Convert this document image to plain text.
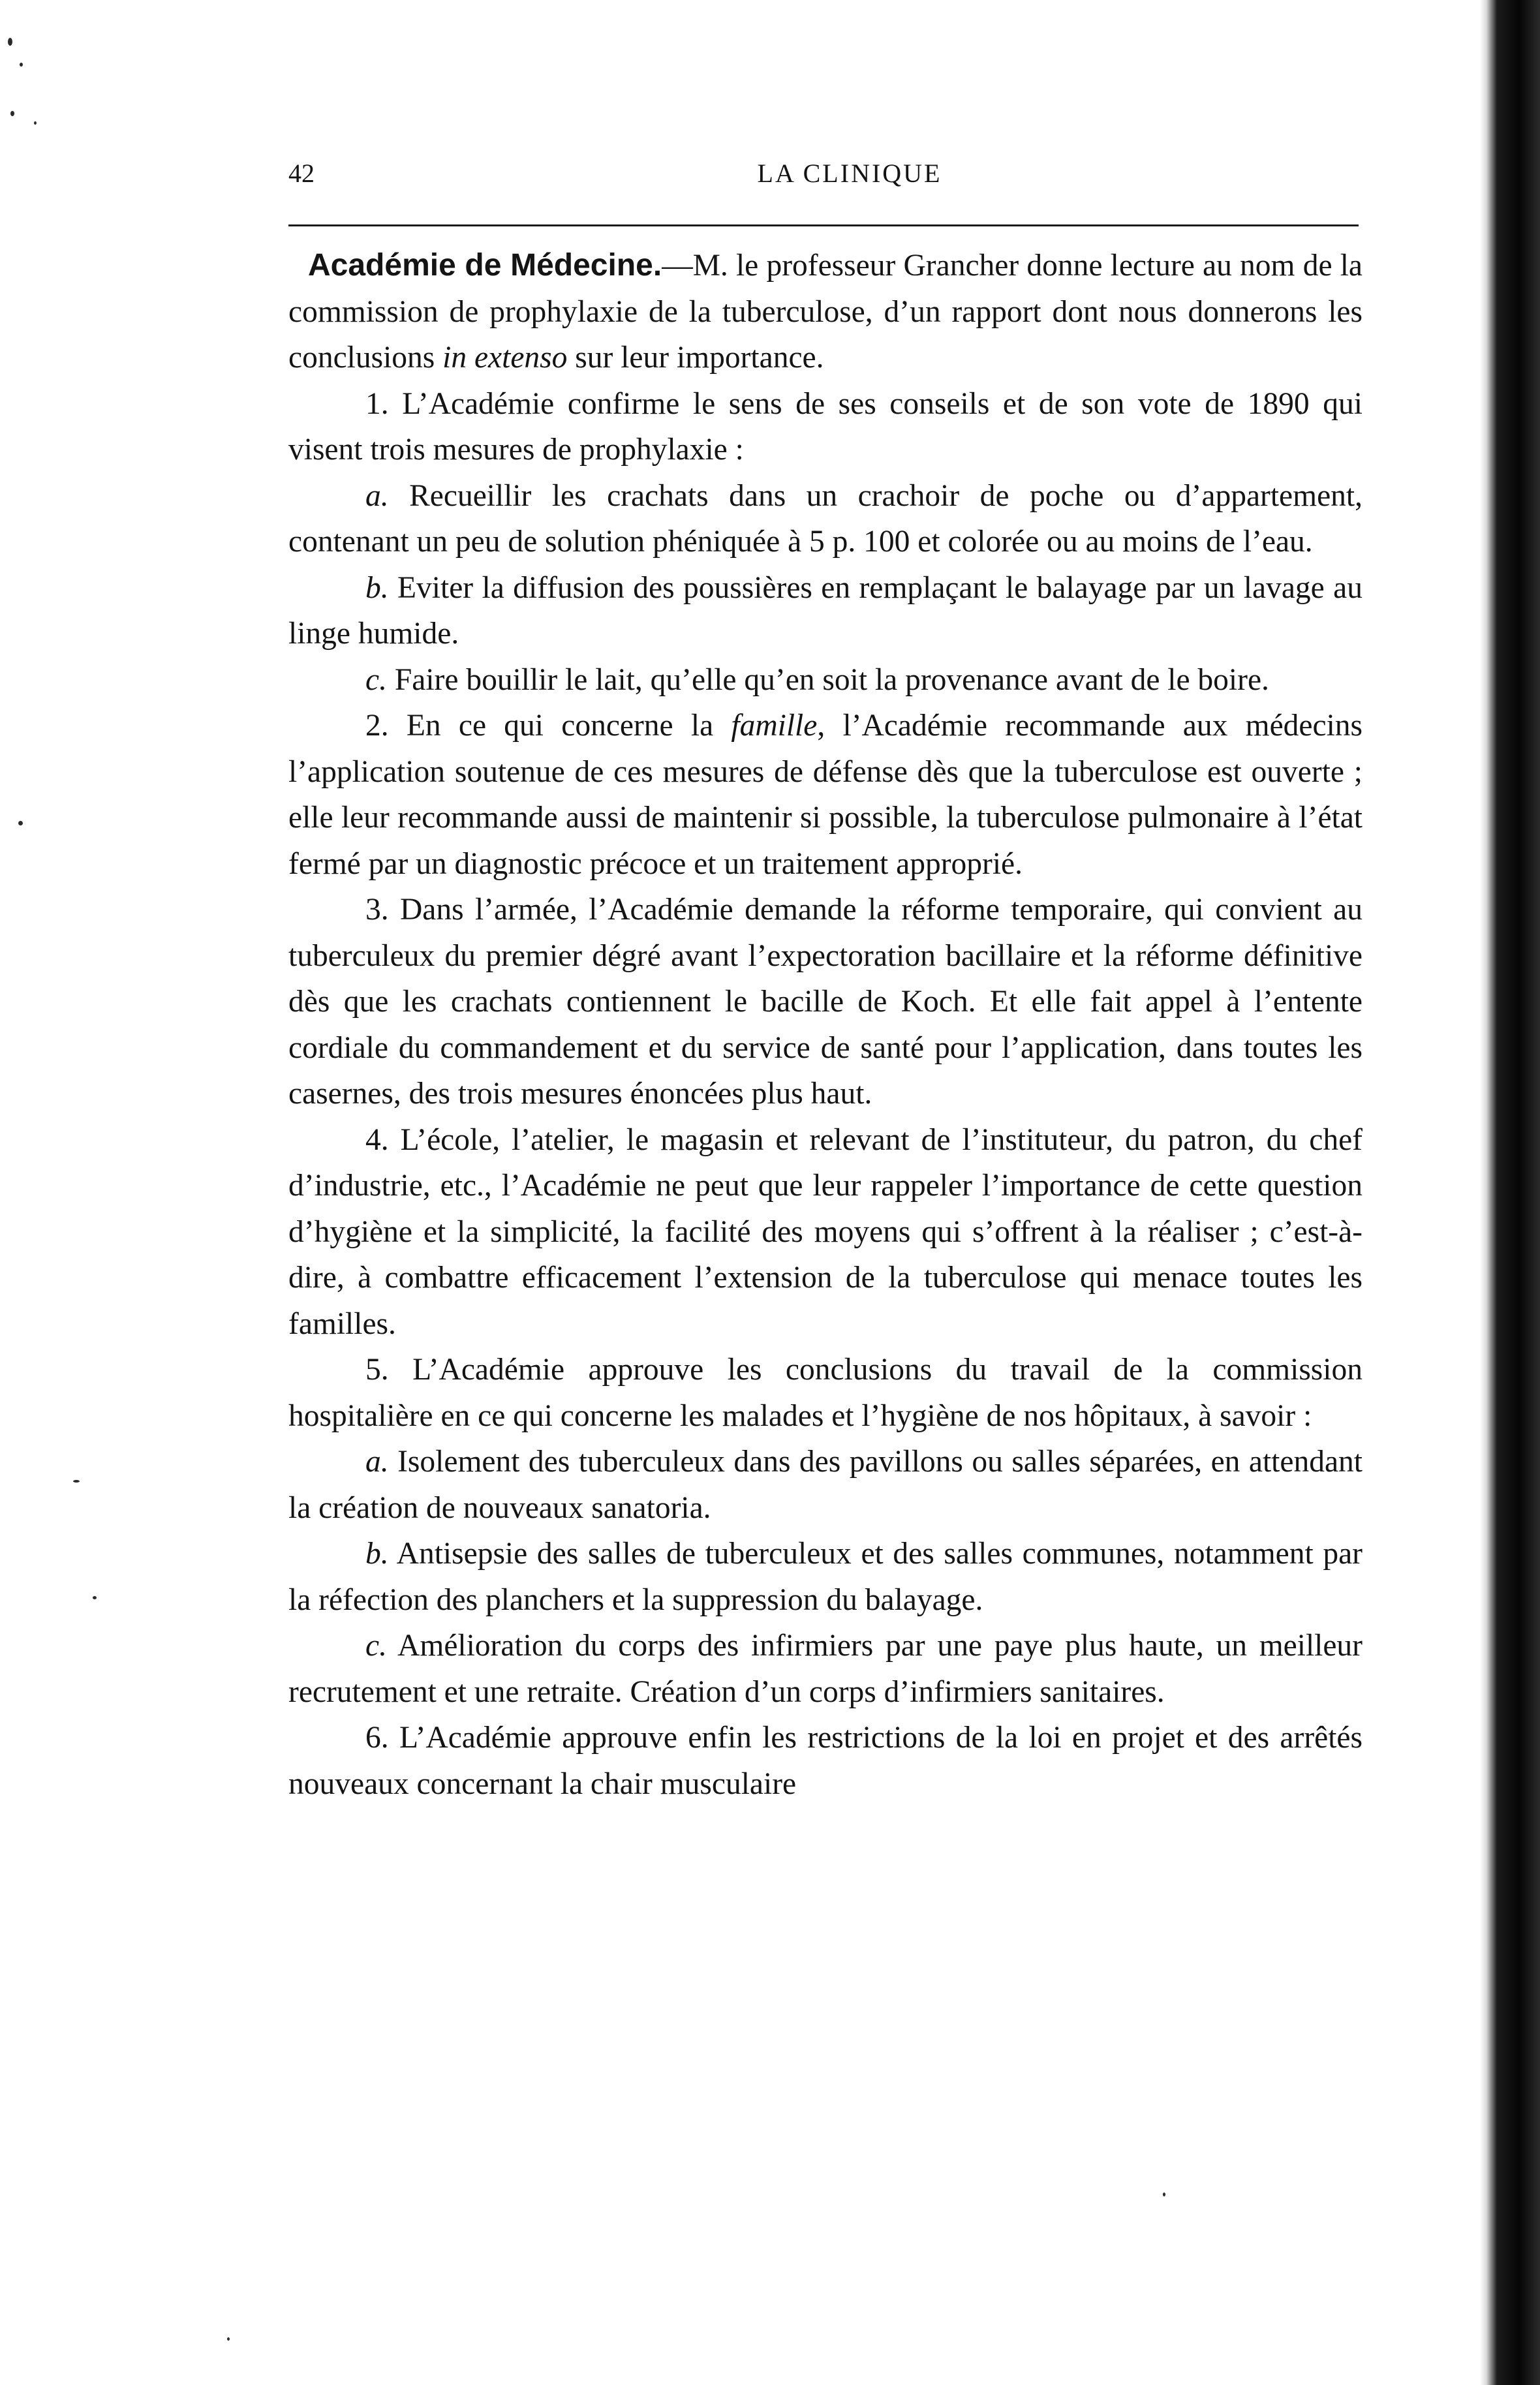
42	LA CLINIQUE

Académie de Médecine.—M. le professeur Grancher donne lecture au nom de la commission de prophylaxie de la tuberculose, d’un rapport dont nous donnerons les conclusions in extenso sur leur importance.

1. L’Académie confirme le sens de ses conseils et de son vote de 1890 qui visent trois mesures de prophylaxie :

a. Recueillir les crachats dans un crachoir de poche ou d’appartement, contenant un peu de solution phéniquée à 5 p. 100 et colorée ou au moins de l’eau.

b. Eviter la diffusion des poussières en remplaçant le balayage par un lavage au linge humide.

c. Faire bouillir le lait, qu’elle qu’en soit la provenance avant de le boire.

2. En ce qui concerne la famille, l’Académie recommande aux médecins l’application soutenue de ces mesures de défense dès que la tuberculose est ouverte ; elle leur recommande aussi de maintenir si possible, la tuberculose pulmonaire à l’état fermé par un diagnostic précoce et un traitement approprié.

3. Dans l’armée, l’Académie demande la réforme temporaire, qui convient au tuberculeux du premier dégré avant l’expectoration bacillaire et la réforme définitive dès que les crachats contiennent le bacille de Koch. Et elle fait appel à l’entente cordiale du commandement et du service de santé pour l’application, dans toutes les casernes, des trois mesures énoncées plus haut.

4. L’école, l’atelier, le magasin et relevant de l’instituteur, du patron, du chef d’industrie, etc., l’Académie ne peut que leur rappeler l’importance de cette question d’hygiène et la simplicité, la facilité des moyens qui s’offrent à la réaliser ; c’est-à-dire, à combattre efficacement l’extension de la tuberculose qui menace toutes les familles.

5. L’Académie approuve les conclusions du travail de la commission hospitalière en ce qui concerne les malades et l’hygiène de nos hôpitaux, à savoir :

a. Isolement des tuberculeux dans des pavillons ou salles séparées, en attendant la création de nouveaux sanatoria.

b. Antisepsie des salles de tuberculeux et des salles communes, notamment par la réfection des planchers et la suppression du balayage.

c. Amélioration du corps des infirmiers par une paye plus haute, un meilleur recrutement et une retraite. Création d’un corps d’infirmiers sanitaires.

6. L’Académie approuve enfin les restrictions de la loi en projet et des arrêtés nouveaux concernant la chair musculaire
